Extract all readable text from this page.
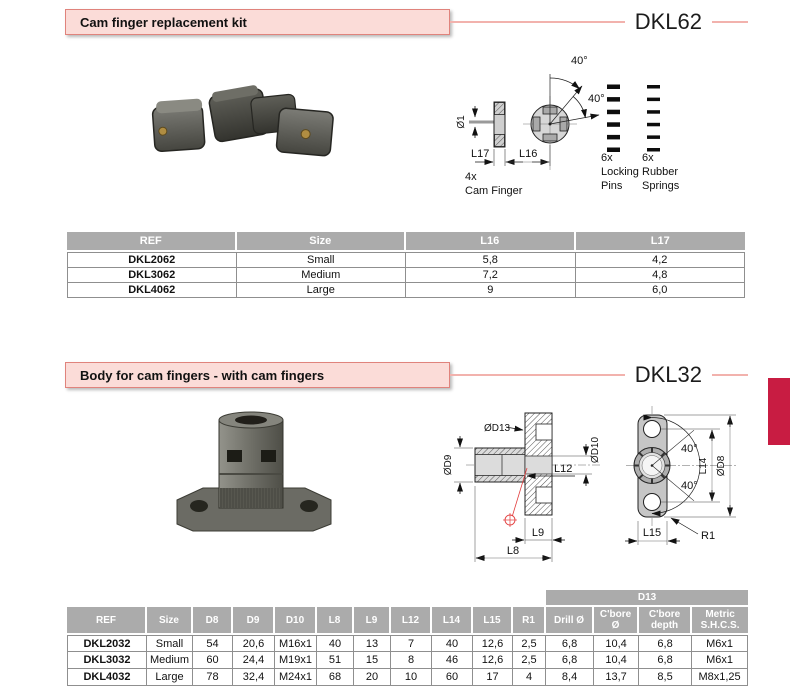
Cam finger replacement kit	DKL62
Ø1
40°
40°
L17	L16
4x
Cam Finger
6x
Locking
Pins
6x
Rubber
Springs
REF	Size	L16	L17
DKL2062	Small	5,8	4,2
DKL3062	Medium	7,2	4,8
DKL4062	Large	9	6,0
Body for cam fingers - with cam fingers	DKL32
ØD13
ØD9
ØD10
L12
L9
L8
40°
40°
L14 ØD8
L15	R1
											D13			
REF	Size	D8	D9	D10	L8	L9	L12	L14	L15	R1	Drill Ø	C'bore Ø	C'bore depth	Metric S.H.C.S.
DKL2032	Small	54	20,6	M16x1	40	13	7	40	12,6	2,5	6,8	10,4	6,8	M6x1
DKL3032	Medium	60	24,4	M19x1	51	15	8	46	12,6	2,5	6,8	10,4	6,8	M6x1
DKL4032	Large	78	32,4	M24x1	68	20	10	60	17	4	8,4	13,7	8,5	M8x1,25
